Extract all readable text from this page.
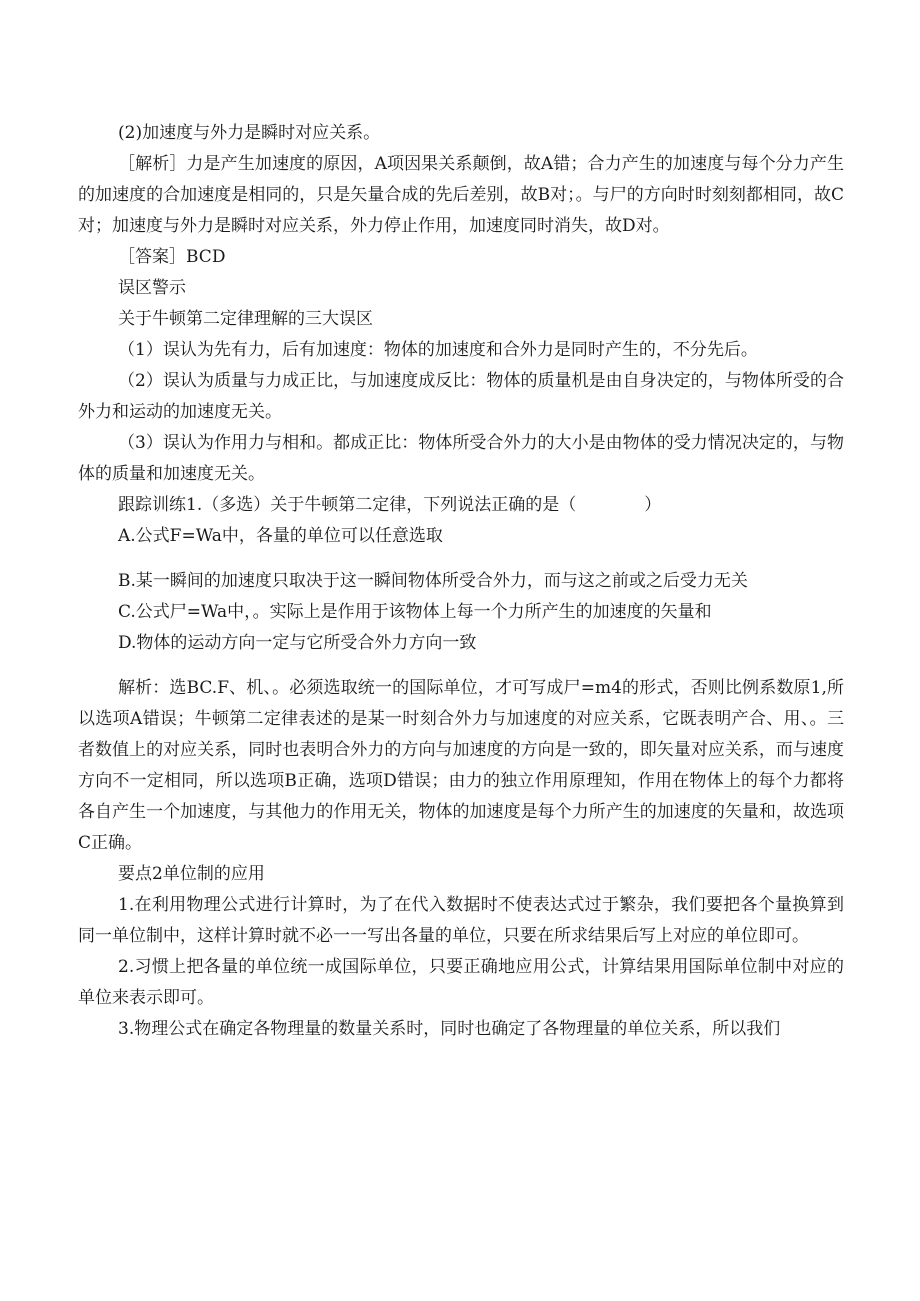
(2)加速度与外力是瞬时对应关系。

［解析］力是产生加速度的原因，A项因果关系颠倒，故A错；合力产生的加速度与每个分力产生的加速度的合加速度是相同的，只是矢量合成的先后差别，故B对；。与尸的方向时时刻刻都相同，故C对；加速度与外力是瞬时对应关系，外力停止作用，加速度同时消失，故D对。

［答案］BCD

误区警示

关于牛顿第二定律理解的三大误区

（1）误认为先有力，后有加速度：物体的加速度和合外力是同时产生的，不分先后。

（2）误认为质量与力成正比，与加速度成反比：物体的质量机是由自身决定的，与物体所受的合外力和运动的加速度无关。

（3）误认为作用力与相和。都成正比：物体所受合外力的大小是由物体的受力情况决定的，与物体的质量和加速度无关。

跟踪训练1.（多选）关于牛顿第二定律，下列说法正确的是（　　　　）

A.公式F=Wa中，各量的单位可以任意选取

B.某一瞬间的加速度只取决于这一瞬间物体所受合外力，而与这之前或之后受力无关

C.公式尸=Wa中，。实际上是作用于该物体上每一个力所产生的加速度的矢量和

D.物体的运动方向一定与它所受合外力方向一致

解析：选BC.F、机、。必须选取统一的国际单位，才可写成尸=m4的形式，否则比例系数原1,所以选项A错误；牛顿第二定律表述的是某一时刻合外力与加速度的对应关系，它既表明产合、用、。三者数值上的对应关系，同时也表明合外力的方向与加速度的方向是一致的，即矢量对应关系，而与速度方向不一定相同，所以选项B正确，选项D错误；由力的独立作用原理知，作用在物体上的每个力都将各自产生一个加速度，与其他力的作用无关，物体的加速度是每个力所产生的加速度的矢量和，故选项C正确。

要点2单位制的应用

1.在利用物理公式进行计算时，为了在代入数据时不使表达式过于繁杂，我们要把各个量换算到同一单位制中，这样计算时就不必一一写出各量的单位，只要在所求结果后写上对应的单位即可。

2.习惯上把各量的单位统一成国际单位，只要正确地应用公式，计算结果用国际单位制中对应的单位来表示即可。

3.物理公式在确定各物理量的数量关系时，同时也确定了各物理量的单位关系，所以我们
